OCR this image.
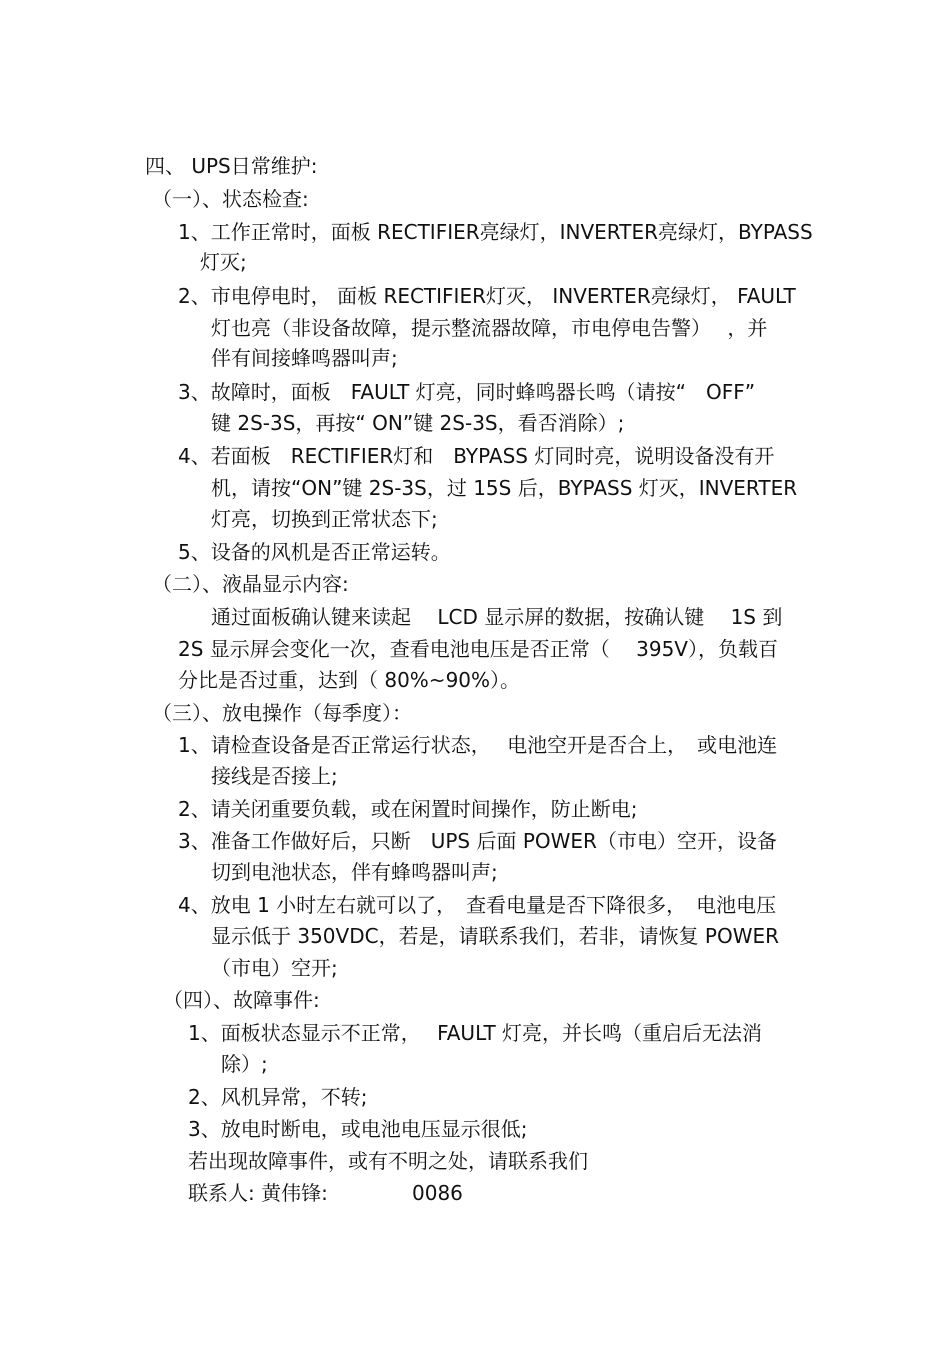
四、 UPS日常维护:
（一）、状态检查:
1、工作正常时，面板 RECTIFIER亮绿灯，INVERTER亮绿灯，BYPASS
灯灭;
2、市电停电时， 面板 RECTIFIER灯灭， INVERTER亮绿灯， FAULT
灯也亮（非设备故障，提示整流器故障，市电停电告警）　 ，并
伴有间接蜂鸣器叫声;
3、故障时，面板　FAULT 灯亮，同时蜂鸣器长鸣（请按“　OFF”
键 2S-3S，再按“ ON”键 2S-3S，看否消除）;
4、若面板　RECTIFIER灯和　BYPASS 灯同时亮，说明设备没有开
机，请按“ON”键 2S-3S，过 15S 后，BYPASS 灯灭，INVERTER
灯亮，切换到正常状态下;
5、设备的风机是否正常运转。
（二）、液晶显示内容:
通过面板确认键来读起　 LCD 显示屏的数据，按确认键　 1S 到
2S 显示屏会变化一次，查看电池电压是否正常（　 395V），负载百
分比是否过重，达到（ 80%~90%）。
（三）、放电操作（每季度）：
1、请检查设备是否正常运行状态，　 电池空开是否合上，　或电池连
接线是否接上;
2、请关闭重要负载，或在闲置时间操作，防止断电;
3、准备工作做好后，只断　UPS 后面 POWER（市电）空开，设备
切到电池状态，伴有蜂鸣器叫声;
4、放电 1 小时左右就可以了，　查看电量是否下降很多，　电池电压
显示低于 350VDC，若是，请联系我们，若非，请恢复 POWER
（市电）空开;
（四）、故障事件:
1、面板状态显示不正常，　 FAULT 灯亮，并长鸣（重启后无法消
除）;
2、风机异常，不转;
3、放电时断电，或电池电压显示很低;
若出现故障事件，或有不明之处，请联系我们
联系人: 黄伟锋:	0086
